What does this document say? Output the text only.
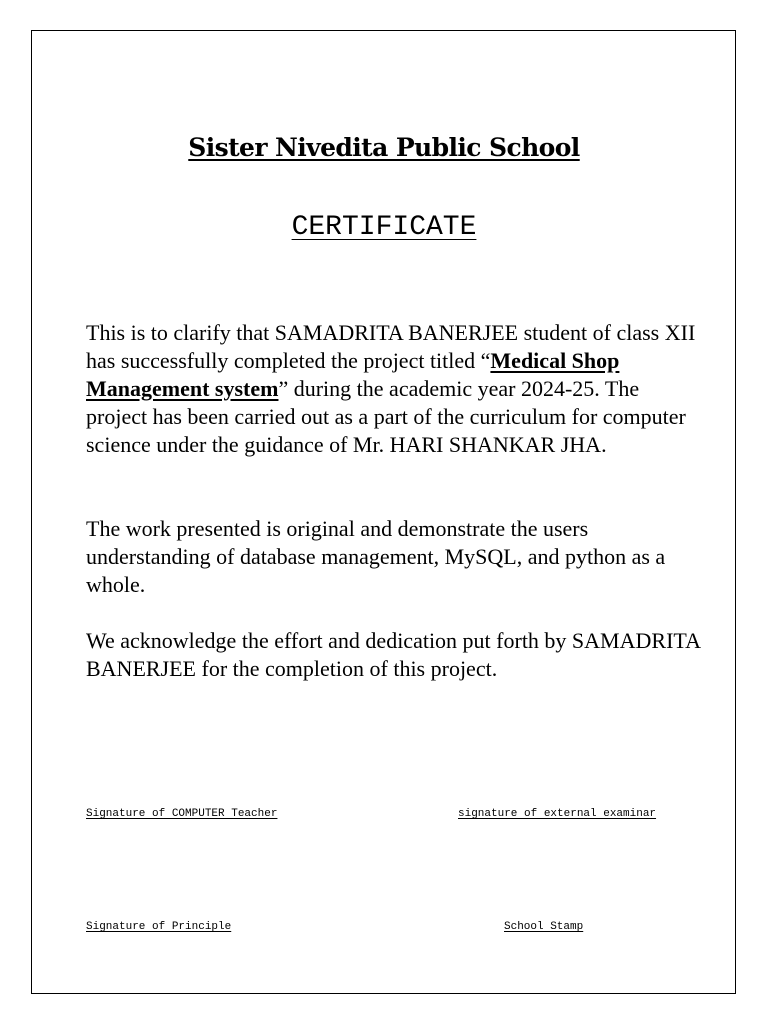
Sister Nivedita Public School
CERTIFICATE

This is to clarify that SAMADRITA BANERJEE student of class XII has successfully completed the project titled “Medical Shop Management system” during the academic year 2024-25. The project has been carried out as a part of the curriculum for computer science under the guidance of Mr. HARI SHANKAR JHA.

The work presented is original and demonstrate the users understanding of database management, MySQL, and python as a whole.

We acknowledge the effort and dedication put forth by SAMADRITA BANERJEE for the completion of this project.

Signature of COMPUTER Teacher	signature of external examinar
Signature of Principle	School Stamp
